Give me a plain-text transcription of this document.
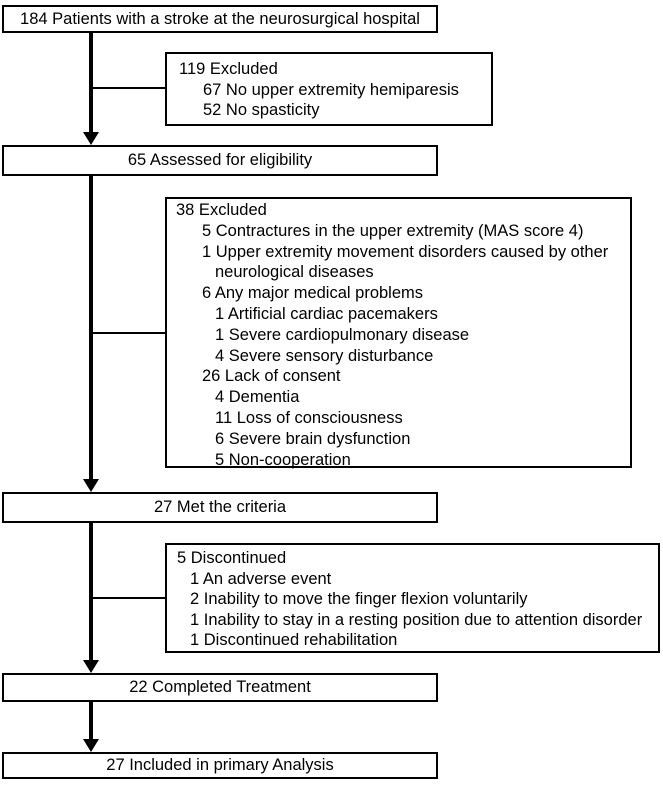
184 Patients with a stroke at the neurosurgical hospital
65 Assessed for eligibility
27 Met the criteria
22 Completed Treatment
27 Included in primary Analysis
119 Excluded
67 No upper extremity hemiparesis
52 No spasticity
38 Excluded
5 Contractures in the upper extremity (MAS score 4)
1 Upper extremity movement disorders caused by other
neurological diseases
6 Any major medical problems
1 Artificial cardiac pacemakers
1 Severe cardiopulmonary disease
4 Severe sensory disturbance
26 Lack of consent
4 Dementia
11 Loss of consciousness
6 Severe brain dysfunction
5 Non-cooperation
5 Discontinued
1 An adverse event
2 Inability to move the finger flexion voluntarily
1 Inability to stay in a resting position due to attention disorder
1 Discontinued rehabilitation
